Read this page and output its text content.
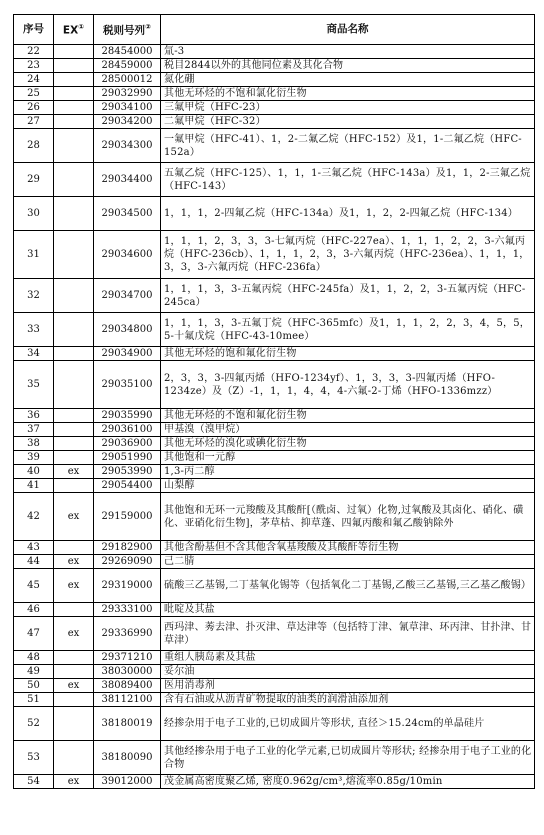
序号	EX①	税则号列②	商品名称
22		28454000	氚-3
23		28459000	税目2844以外的其他同位素及其化合物
24		28500012	氮化硼
25		29032990	其他无环烃的不饱和氯化衍生物
26		29034100	三氟甲烷（HFC-23）
27		29034200	二氟甲烷（HFC-32）
28		29034300	一氟甲烷（HFC-41）、1，2-二氟乙烷（HFC-152）及1，1-二氟乙烷（HFC-152a）
29		29034400	五氟乙烷（HFC-125）、1，1，1-三氟乙烷（HFC-143a）及1，1，2-三氟乙烷（HFC-143）
30		29034500	1，1，1，2-四氟乙烷（HFC-134a）及1，1，2，2-四氟乙烷（HFC-134）
31		29034600	1，1，1，2，3，3，3-七氟丙烷（HFC-227ea）、1，1，1，2，2，3-六氟丙烷（HFC-236cb）、1，1，1，2，3，3-六氟丙烷（HFC-236ea）、1，1，1，3，3，3-六氟丙烷（HFC-236fa）
32		29034700	1，1，1，3，3-五氟丙烷（HFC-245fa）及1，1，2，2，3-五氟丙烷（HFC-245ca）
33		29034800	1，1，1，3，3-五氟丁烷（HFC-365mfc）及1，1，1，2，2，3，4，5，5，5-十氟戊烷（HFC-43-10mee）
34		29034900	其他无环烃的饱和氟化衍生物
35		29035100	2，3，3，3-四氟丙烯（HFO-1234yf）、1，3，3，3-四氟丙烯（HFO-1234ze）及（Z）-1，1，1，4，4，4-六氟-2-丁烯（HFO-1336mzz）
36		29035990	其他无环烃的不饱和氟化衍生物
37		29036100	甲基溴（溴甲烷）
38		29036900	其他无环烃的溴化或碘化衍生物
39		29051990	其他饱和一元醇
40	ex	29053990	1,3-丙二醇
41		29054400	山梨醇
42	ex	29159000	其他饱和无环一元羧酸及其酸酐[（酰卤、过氧）化物,过氧酸及其卤化、硝化、磺化、亚硝化衍生物]，茅草枯、抑草蓬、四氟丙酸和氟乙酸钠除外
43		29182900	其他含酚基但不含其他含氧基羧酸及其酸酐等衍生物
44	ex	29269090	己二腈
45	ex	29319000	硫酸三乙基锡,二丁基氧化锡等（包括氧化二丁基锡,乙酸三乙基锡,三乙基乙酸锡）
46		29333100	吡啶及其盐
47	ex	29336990	西玛津、莠去津、扑灭津、草达津等（包括特丁津、氰草津、环丙津、甘扑津、甘草津）
48		29371210	重组人胰岛素及其盐
49		38030000	妥尔油
50	ex	38089400	医用消毒剂
51		38112100	含有石油或从沥青矿物提取的油类的润滑油添加剂
52		38180019	经掺杂用于电子工业的,已切成圆片等形状, 直径＞15.24cm的单晶硅片
53		38180090	其他经掺杂用于电子工业的化学元素,已切成圆片等形状; 经掺杂用于电子工业的化合物
54	ex	39012000	茂金属高密度聚乙烯, 密度0.962g/cm³,熔流率0.85g/10min
